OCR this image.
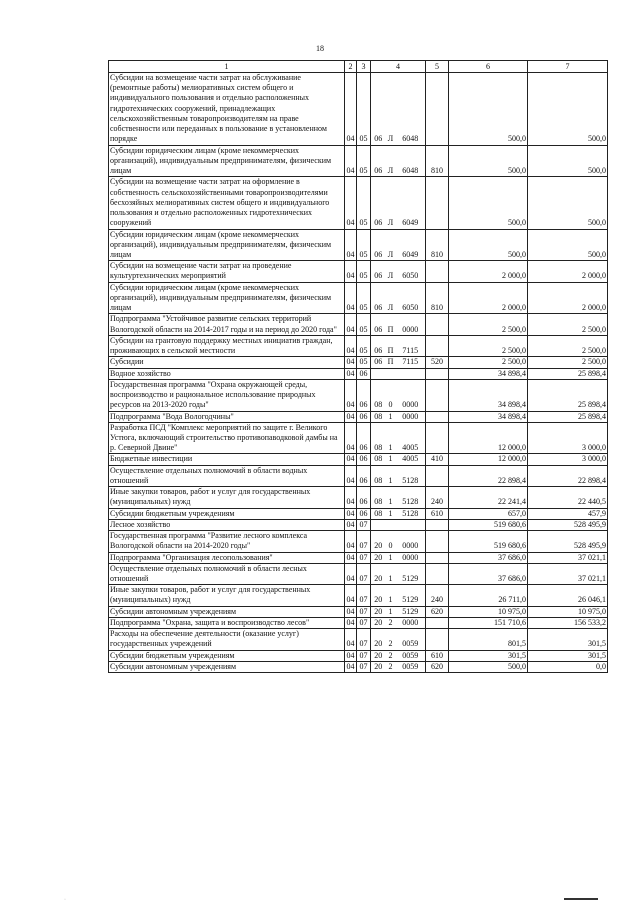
18
1	2	3	4			5	6	7
Субсидии на возмещение части затрат на обслуживание (ремонтные работы) мелиоративных систем общего и индивидуального пользования и отдельно расположенных гидротехнических сооружений, принадлежащих сельскохозяйственным товаропроизводителям на праве собственности или переданных в пользование в установленном порядке	04	05	06	Л	6048		500,0	500,0
Субсидии юридическим лицам (кроме некоммерческих организаций), индивидуальным предпринимателям, физическим лицам	04	05	06	Л	6048	810	500,0	500,0
Субсидии на возмещение части затрат на оформление в собственность сельскохозяйственными товаропроизводителями бесхозяйных мелиоративных систем общего и индивидуального пользования и отдельно расположенных гидротехнических сооружений	04	05	06	Л	6049		500,0	500,0
Субсидии юридическим лицам (кроме некоммерческих организаций), индивидуальным предпринимателям, физическим лицам	04	05	06	Л	6049	810	500,0	500,0
Субсидии на возмещение части затрат на проведение культуртехнических мероприятий	04	05	06	Л	6050		2 000,0	2 000,0
Субсидии юридическим лицам (кроме некоммерческих организаций), индивидуальным предпринимателям, физическим лицам	04	05	06	Л	6050	810	2 000,0	2 000,0
Подпрограмма "Устойчивое развитие сельских территорий Вологодской области на 2014-2017 годы и на период до 2020 года"	04	05	06	П	0000		2 500,0	2 500,0
Субсидии на грантовую поддержку местных инициатив граждан, проживающих в сельской местности	04	05	06	П	7115		2 500,0	2 500,0
Субсидии	04	05	06	П	7115	520	2 500,0	2 500,0
Водное хозяйство	04	06					34 898,4	25 898,4
Государственная программа "Охрана окружающей среды, воспроизводство и рациональное использование природных ресурсов на 2013-2020 годы"	04	06	08	0	0000		34 898,4	25 898,4
Подпрограмма "Вода Вологодчины"	04	06	08	1	0000		34 898,4	25 898,4
Разработка ПСД "Комплекс мероприятий по защите г. Великого Устюга, включающий строительство противопаводковой дамбы на р. Северной Двине"	04	06	08	1	4005		12 000,0	3 000,0
Бюджетные инвестиции	04	06	08	1	4005	410	12 000,0	3 000,0
Осуществление отдельных полномочий в области водных отношений	04	06	08	1	5128		22 898,4	22 898,4
Иные закупки товаров, работ и услуг для государственных (муниципальных) нужд	04	06	08	1	5128	240	22 241,4	22 440,5
Субсидии бюджетным учреждениям	04	06	08	1	5128	610	657,0	457,9
Лесное хозяйство	04	07					519 680,6	528 495,9
Государственная программа "Развитие лесного комплекса Вологодской области на 2014-2020 годы"	04	07	20	0	0000		519 680,6	528 495,9
Подпрограмма "Организация лесопользования"	04	07	20	1	0000		37 686,0	37 021,1
Осуществление отдельных полномочий в области лесных отношений	04	07	20	1	5129		37 686,0	37 021,1
Иные закупки товаров, работ и услуг для государственных (муниципальных) нужд	04	07	20	1	5129	240	26 711,0	26 046,1
Субсидии автономным учреждениям	04	07	20	1	5129	620	10 975,0	10 975,0
Подпрограмма "Охрана, защита и воспроизводство лесов"	04	07	20	2	0000		151 710,6	156 533,2
Расходы на обеспечение деятельности (оказание услуг) государственных учреждений	04	07	20	2	0059		801,5	301,5
Субсидии бюджетным учреждениям	04	07	20	2	0059	610	301,5	301,5
Субсидии автономным учреждениям	04	07	20	2	0059	620	500,0	0,0
·
